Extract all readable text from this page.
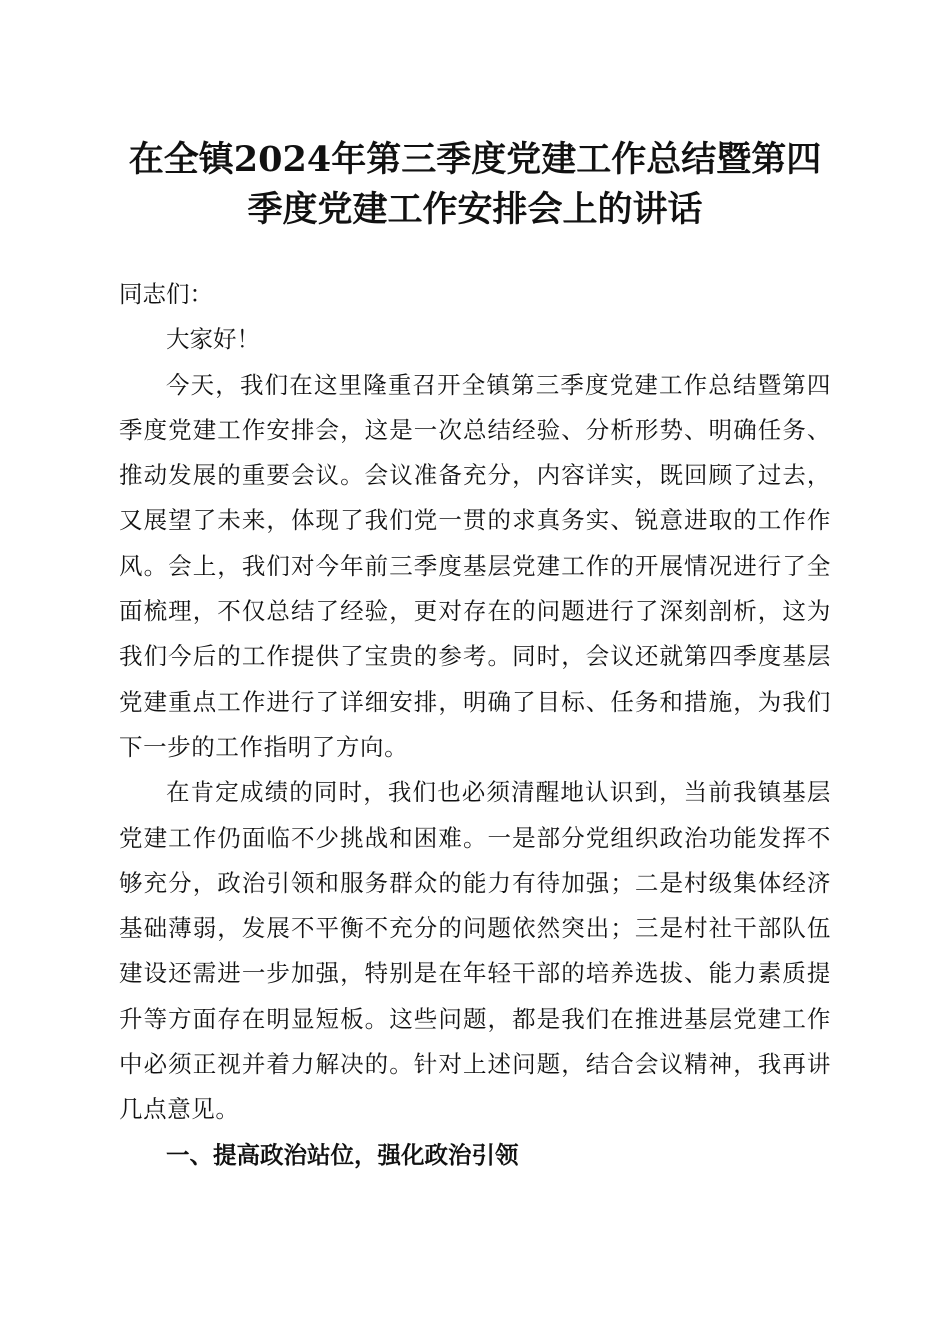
在全镇2024年第三季度党建工作总结暨第四
季度党建工作安排会上的讲话

同志们：

大家好！

今天，我们在这里隆重召开全镇第三季度党建工作总结暨第四季度党建工作安排会，这是一次总结经验、分析形势、明确任务、推动发展的重要会议。会议准备充分，内容详实，既回顾了过去，又展望了未来，体现了我们党一贯的求真务实、锐意进取的工作作风。会上，我们对今年前三季度基层党建工作的开展情况进行了全面梳理，不仅总结了经验，更对存在的问题进行了深刻剖析，这为我们今后的工作提供了宝贵的参考。同时，会议还就第四季度基层党建重点工作进行了详细安排，明确了目标、任务和措施，为我们下一步的工作指明了方向。

在肯定成绩的同时，我们也必须清醒地认识到，当前我镇基层党建工作仍面临不少挑战和困难。一是部分党组织政治功能发挥不够充分，政治引领和服务群众的能力有待加强；二是村级集体经济基础薄弱，发展不平衡不充分的问题依然突出；三是村社干部队伍建设还需进一步加强，特别是在年轻干部的培养选拔、能力素质提升等方面存在明显短板。这些问题，都是我们在推进基层党建工作中必须正视并着力解决的。针对上述问题，结合会议精神，我再讲几点意见。

一、提高政治站位，强化政治引领
